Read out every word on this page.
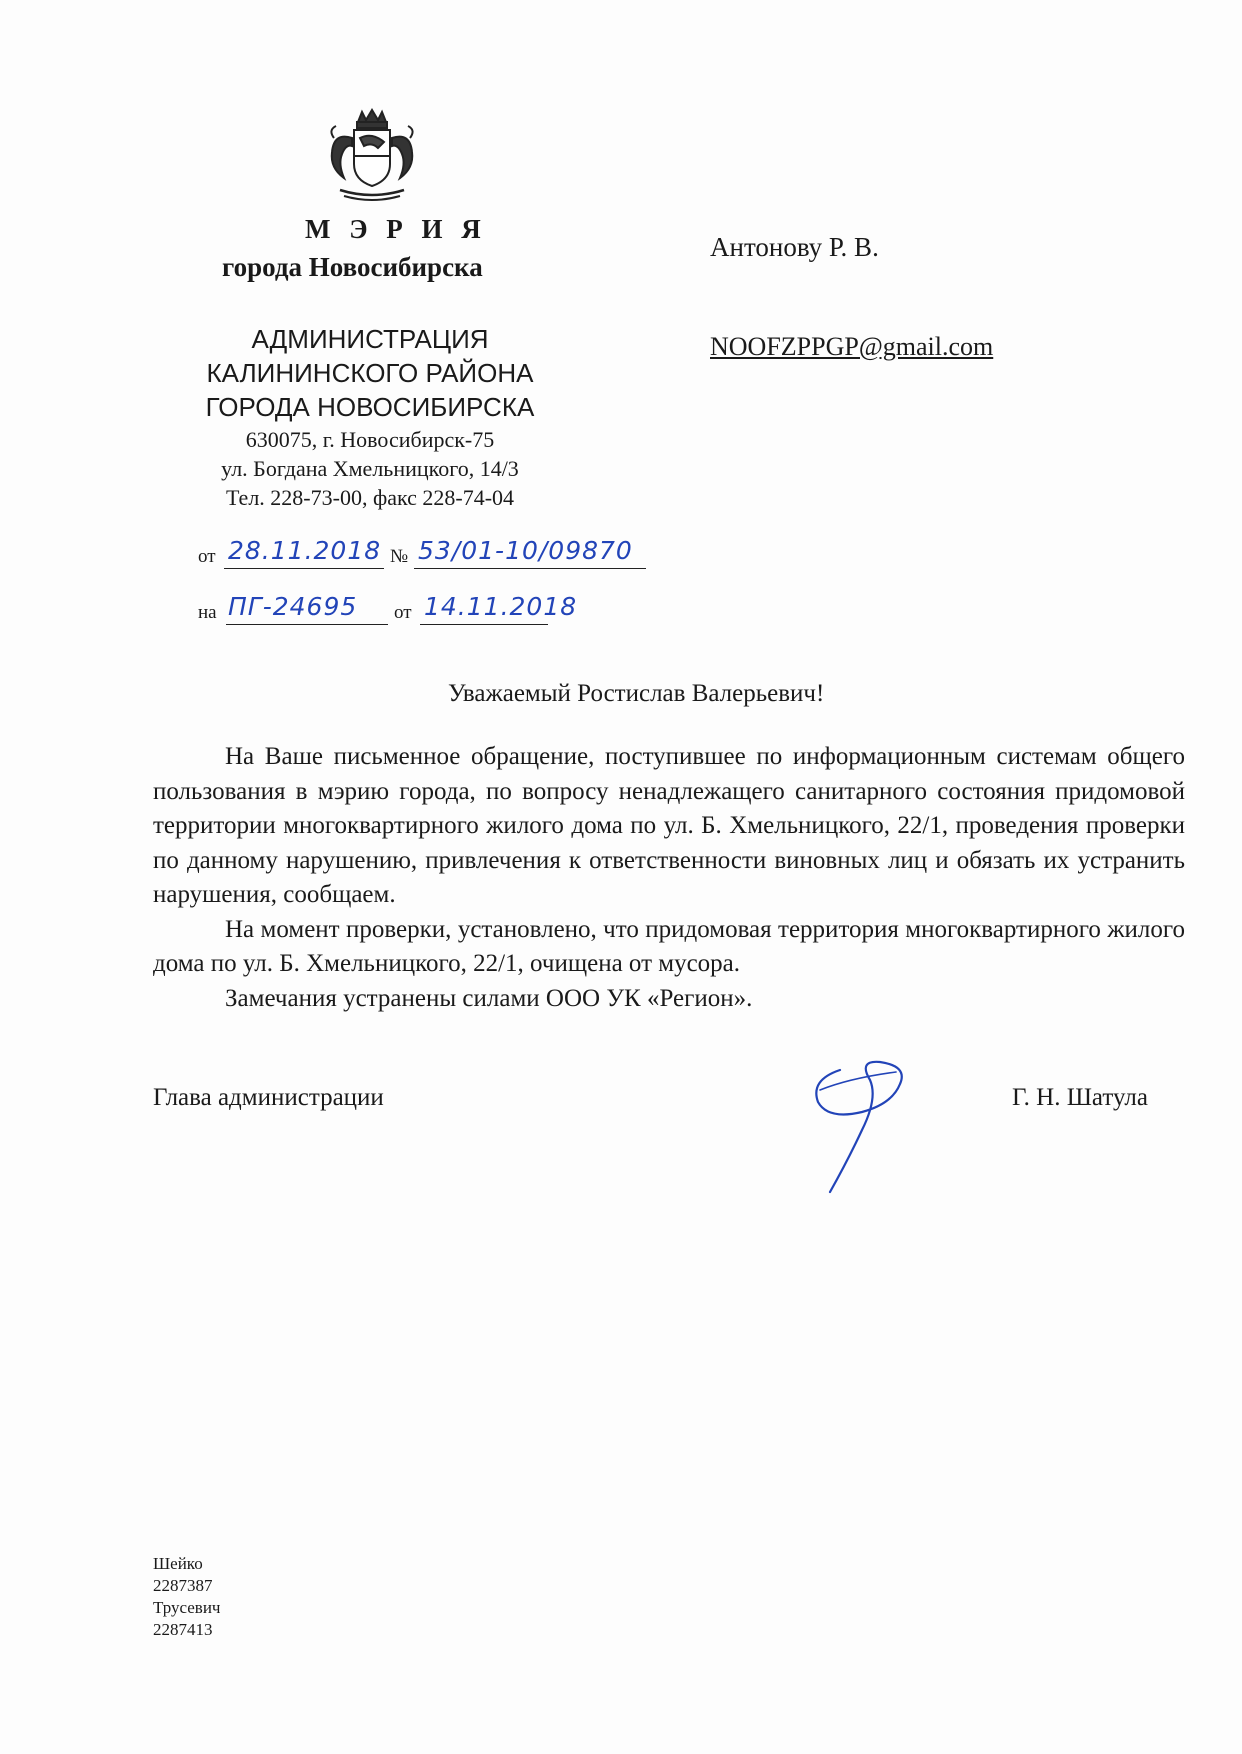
М Э Р И Я
города Новосибирска
АДМИНИСТРАЦИЯ
КАЛИНИНСКОГО РАЙОНА
ГОРОДА НОВОСИБИРСКА
630075, г. Новосибирск-75
ул. Богдана Хмельницкого, 14/3
Тел. 228-73-00, факс 228-74-04
от 28.11.2018 № 53/01-10/09870
на ПГ-24695 от 14.11.2018
Антонову Р. В.
NOOFZPPGP@gmail.com
Уважаемый Ростислав Валерьевич!

На Ваше письменное обращение, поступившее по информационным системам общего пользования в мэрию города, по вопросу ненадлежащего санитарного состояния придомовой территории многоквартирного жилого дома по ул. Б. Хмельницкого, 22/1, проведения проверки по данному нарушению, привлечения к ответственности виновных лиц и обязать их устранить нарушения, сообщаем.

На момент проверки, установлено, что придомовая территория многоквартирного жилого дома по ул. Б. Хмельницкого, 22/1, очищена от мусора.

Замечания устранены силами ООО УК «Регион».

Глава администрации	Г. Н. Шатула
Шейко
2287387
Трусевич
2287413
